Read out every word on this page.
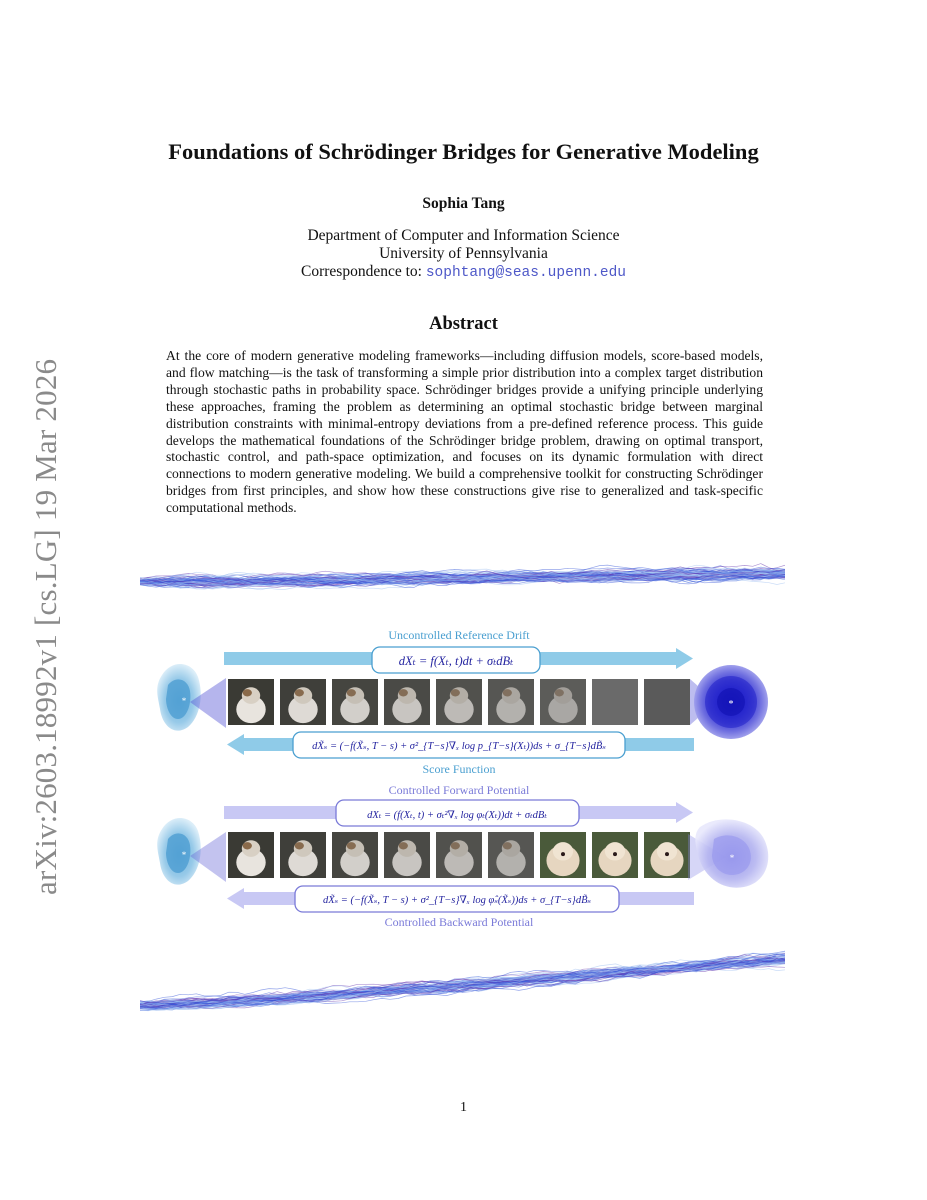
arXiv:2603.18992v1 [cs.LG] 19 Mar 2026
Foundations of Schrödinger Bridges for Generative Modeling
Sophia Tang
Department of Computer and Information Science
University of Pennsylvania
Correspondence to: sophtang@seas.upenn.edu
Abstract
At the core of modern generative modeling frameworks—including diffusion models, score-based models, and flow matching—is the task of transforming a simple prior distribution into a complex target distribution through stochastic paths in probability space. Schrödinger bridges provide a unifying principle underlying these approaches, framing the problem as determining an optimal stochastic bridge between marginal distribution constraints with minimal-entropy deviations from a pre-defined reference process. This guide develops the mathematical foundations of the Schrödinger bridge problem, drawing on optimal transport, stochastic control, and path-space optimization, and focuses on its dynamic formulation with direct connections to modern generative modeling. We build a comprehensive toolkit for constructing Schrödinger bridges from first principles, and show how these constructions give rise to generalized and task-specific computational methods.
Uncontrolled Reference Drift
dXₜ = f(Xₜ, t)dt + σₜdBₜ
*	*
dX̃ₛ = (−f(X̃ₛ, T − s) + σ²_{T−s}∇ₓ log p_{T−s}(Xₜ))ds + σ_{T−s}dB̃ₛ
Score Function
Controlled Forward Potential
dXₜ = (f(Xₜ, t) + σₜ²∇ₓ log φₜ(Xₜ))dt + σₜdBₜ
*	*
dX̃ₛ = (−f(X̃ₛ, T − s) + σ²_{T−s}∇ₓ log φ̂ₛ(X̃ₛ))ds + σ_{T−s}dB̃ₛ
Controlled Backward Potential
1
